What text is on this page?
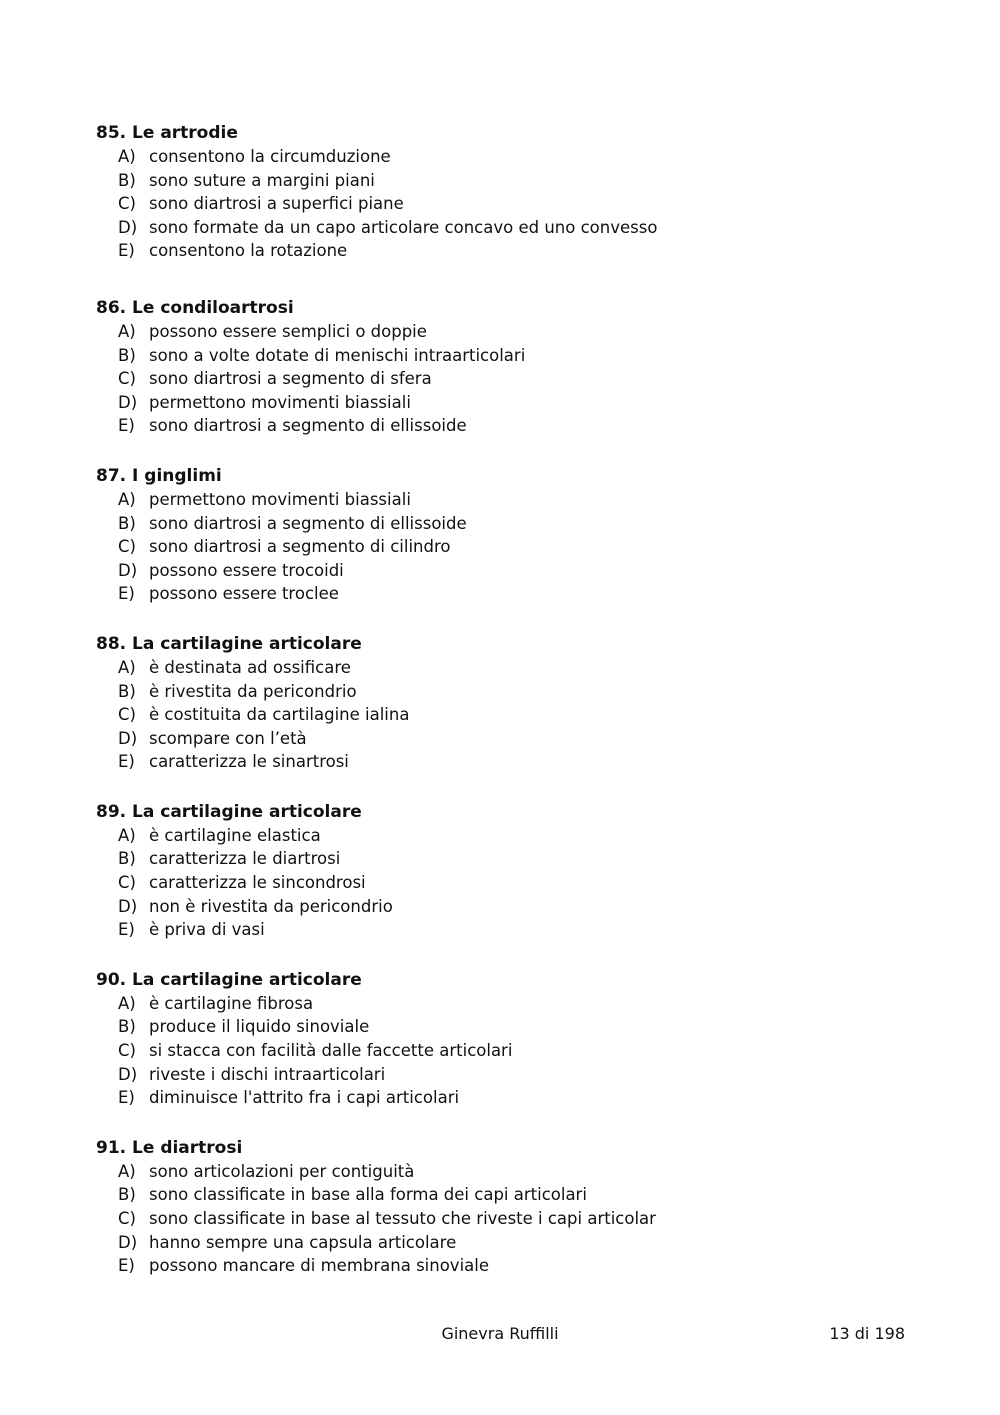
85. Le artrodie
A) consentono la circumduzione
B) sono suture a margini piani
C) sono diartrosi a superfici piane
D) sono formate da un capo articolare concavo ed uno convesso
E) consentono la rotazione
86. Le condiloartrosi
A) possono essere semplici o doppie
B) sono a volte dotate di menischi intraarticolari
C) sono diartrosi a segmento di sfera
D) permettono movimenti biassiali
E) sono diartrosi a segmento di ellissoide
87. I ginglimi
A) permettono movimenti biassiali
B) sono diartrosi a segmento di ellissoide
C) sono diartrosi a segmento di cilindro
D) possono essere trocoidi
E) possono essere troclee
88. La cartilagine articolare
A) è destinata ad ossificare
B) è rivestita da pericondrio
C) è costituita da cartilagine ialina
D) scompare con l’età
E) caratterizza le sinartrosi
89. La cartilagine articolare
A) è cartilagine elastica
B) caratterizza le diartrosi
C) caratterizza le sincondrosi
D) non è rivestita da pericondrio
E) è priva di vasi
90. La cartilagine articolare
A) è cartilagine fibrosa
B) produce il liquido sinoviale
C) si stacca con facilità dalle faccette articolari
D) riveste i dischi intraarticolari
E) diminuisce l'attrito fra i capi articolari
91. Le diartrosi
A) sono articolazioni per contiguità
B) sono classificate in base alla forma dei capi articolari
C) sono classificate in base al tessuto che riveste i capi articolar
D) hanno sempre una capsula articolare
E) possono mancare di membrana sinoviale
Ginevra Ruffilli	13 di 198
